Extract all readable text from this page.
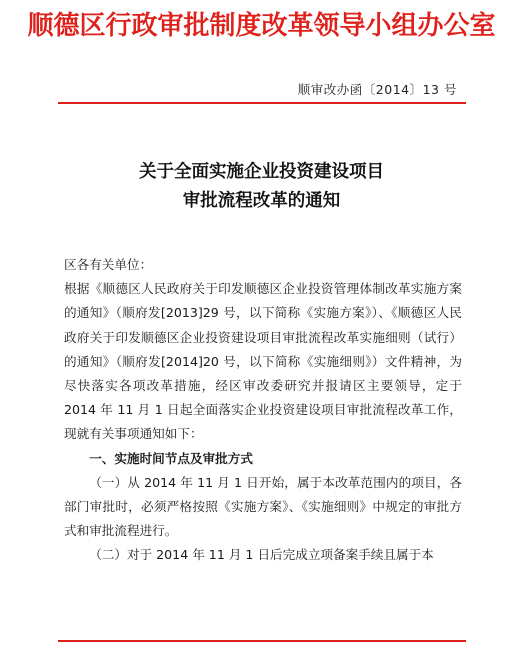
顺德区行政审批制度改革领导小组办公室
顺审改办函〔2014〕13 号
关于全面实施企业投资建设项目
审批流程改革的通知

区各有关单位：

根据《顺德区人民政府关于印发顺德区企业投资管理体制改革实施方案的通知》（顺府发[2013]29 号，以下简称《实施方案》）、《顺德区人民政府关于印发顺德区企业投资建设项目审批流程改革实施细则（试行）的通知》（顺府发[2014]20 号，以下简称《实施细则》）文件精神，为尽快落实各项改革措施，经区审改委研究并报请区主要领导，定于 2014 年 11 月 1 日起全面落实企业投资建设项目审批流程改革工作，现就有关事项通知如下：

一、实施时间节点及审批方式

（一）从 2014 年 11 月 1 日开始，属于本改革范围内的项目，各部门审批时，必须严格按照《实施方案》、《实施细则》中规定的审批方式和审批流程进行。

（二）对于 2014 年 11 月 1 日后完成立项备案手续且属于本
